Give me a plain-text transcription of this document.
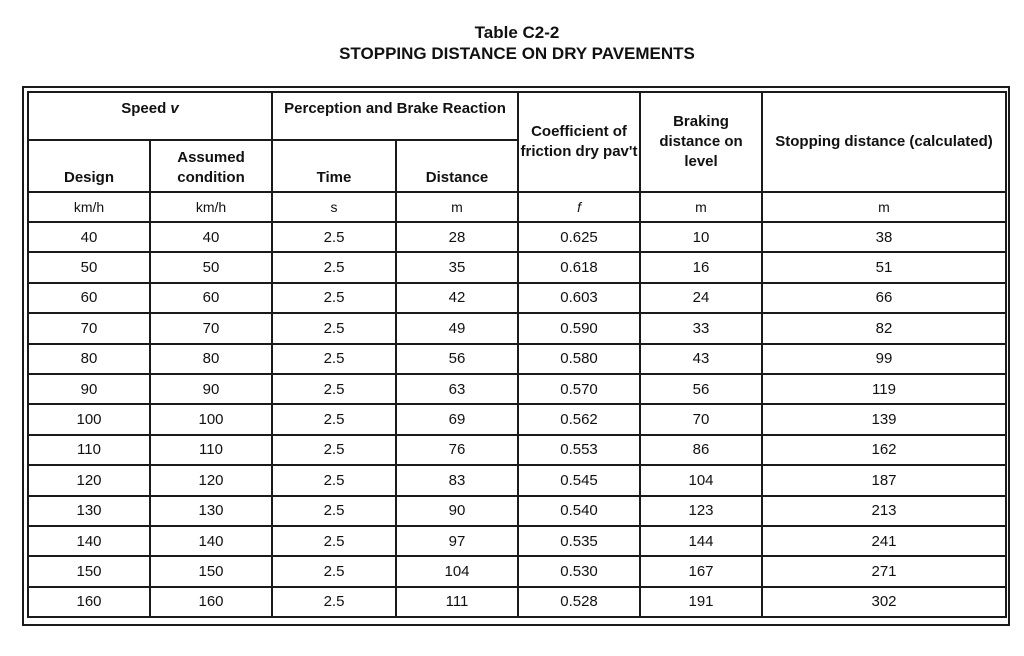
Table C2-2
STOPPING DISTANCE ON DRY PAVEMENTS
Speed v		Perception and Brake Reaction		Coefficient of friction dry pav't	Braking distance on level	Stopping distance (calculated)
Design	Assumed condition	Time	Distance			
km/h	km/h	s	m	f	m	m
40	40	2.5	28	0.625	10	38
50	50	2.5	35	0.618	16	51
60	60	2.5	42	0.603	24	66
70	70	2.5	49	0.590	33	82
80	80	2.5	56	0.580	43	99
90	90	2.5	63	0.570	56	119
100	100	2.5	69	0.562	70	139
110	110	2.5	76	0.553	86	162
120	120	2.5	83	0.545	104	187
130	130	2.5	90	0.540	123	213
140	140	2.5	97	0.535	144	241
150	150	2.5	104	0.530	167	271
160	160	2.5	111	0.528	191	302
